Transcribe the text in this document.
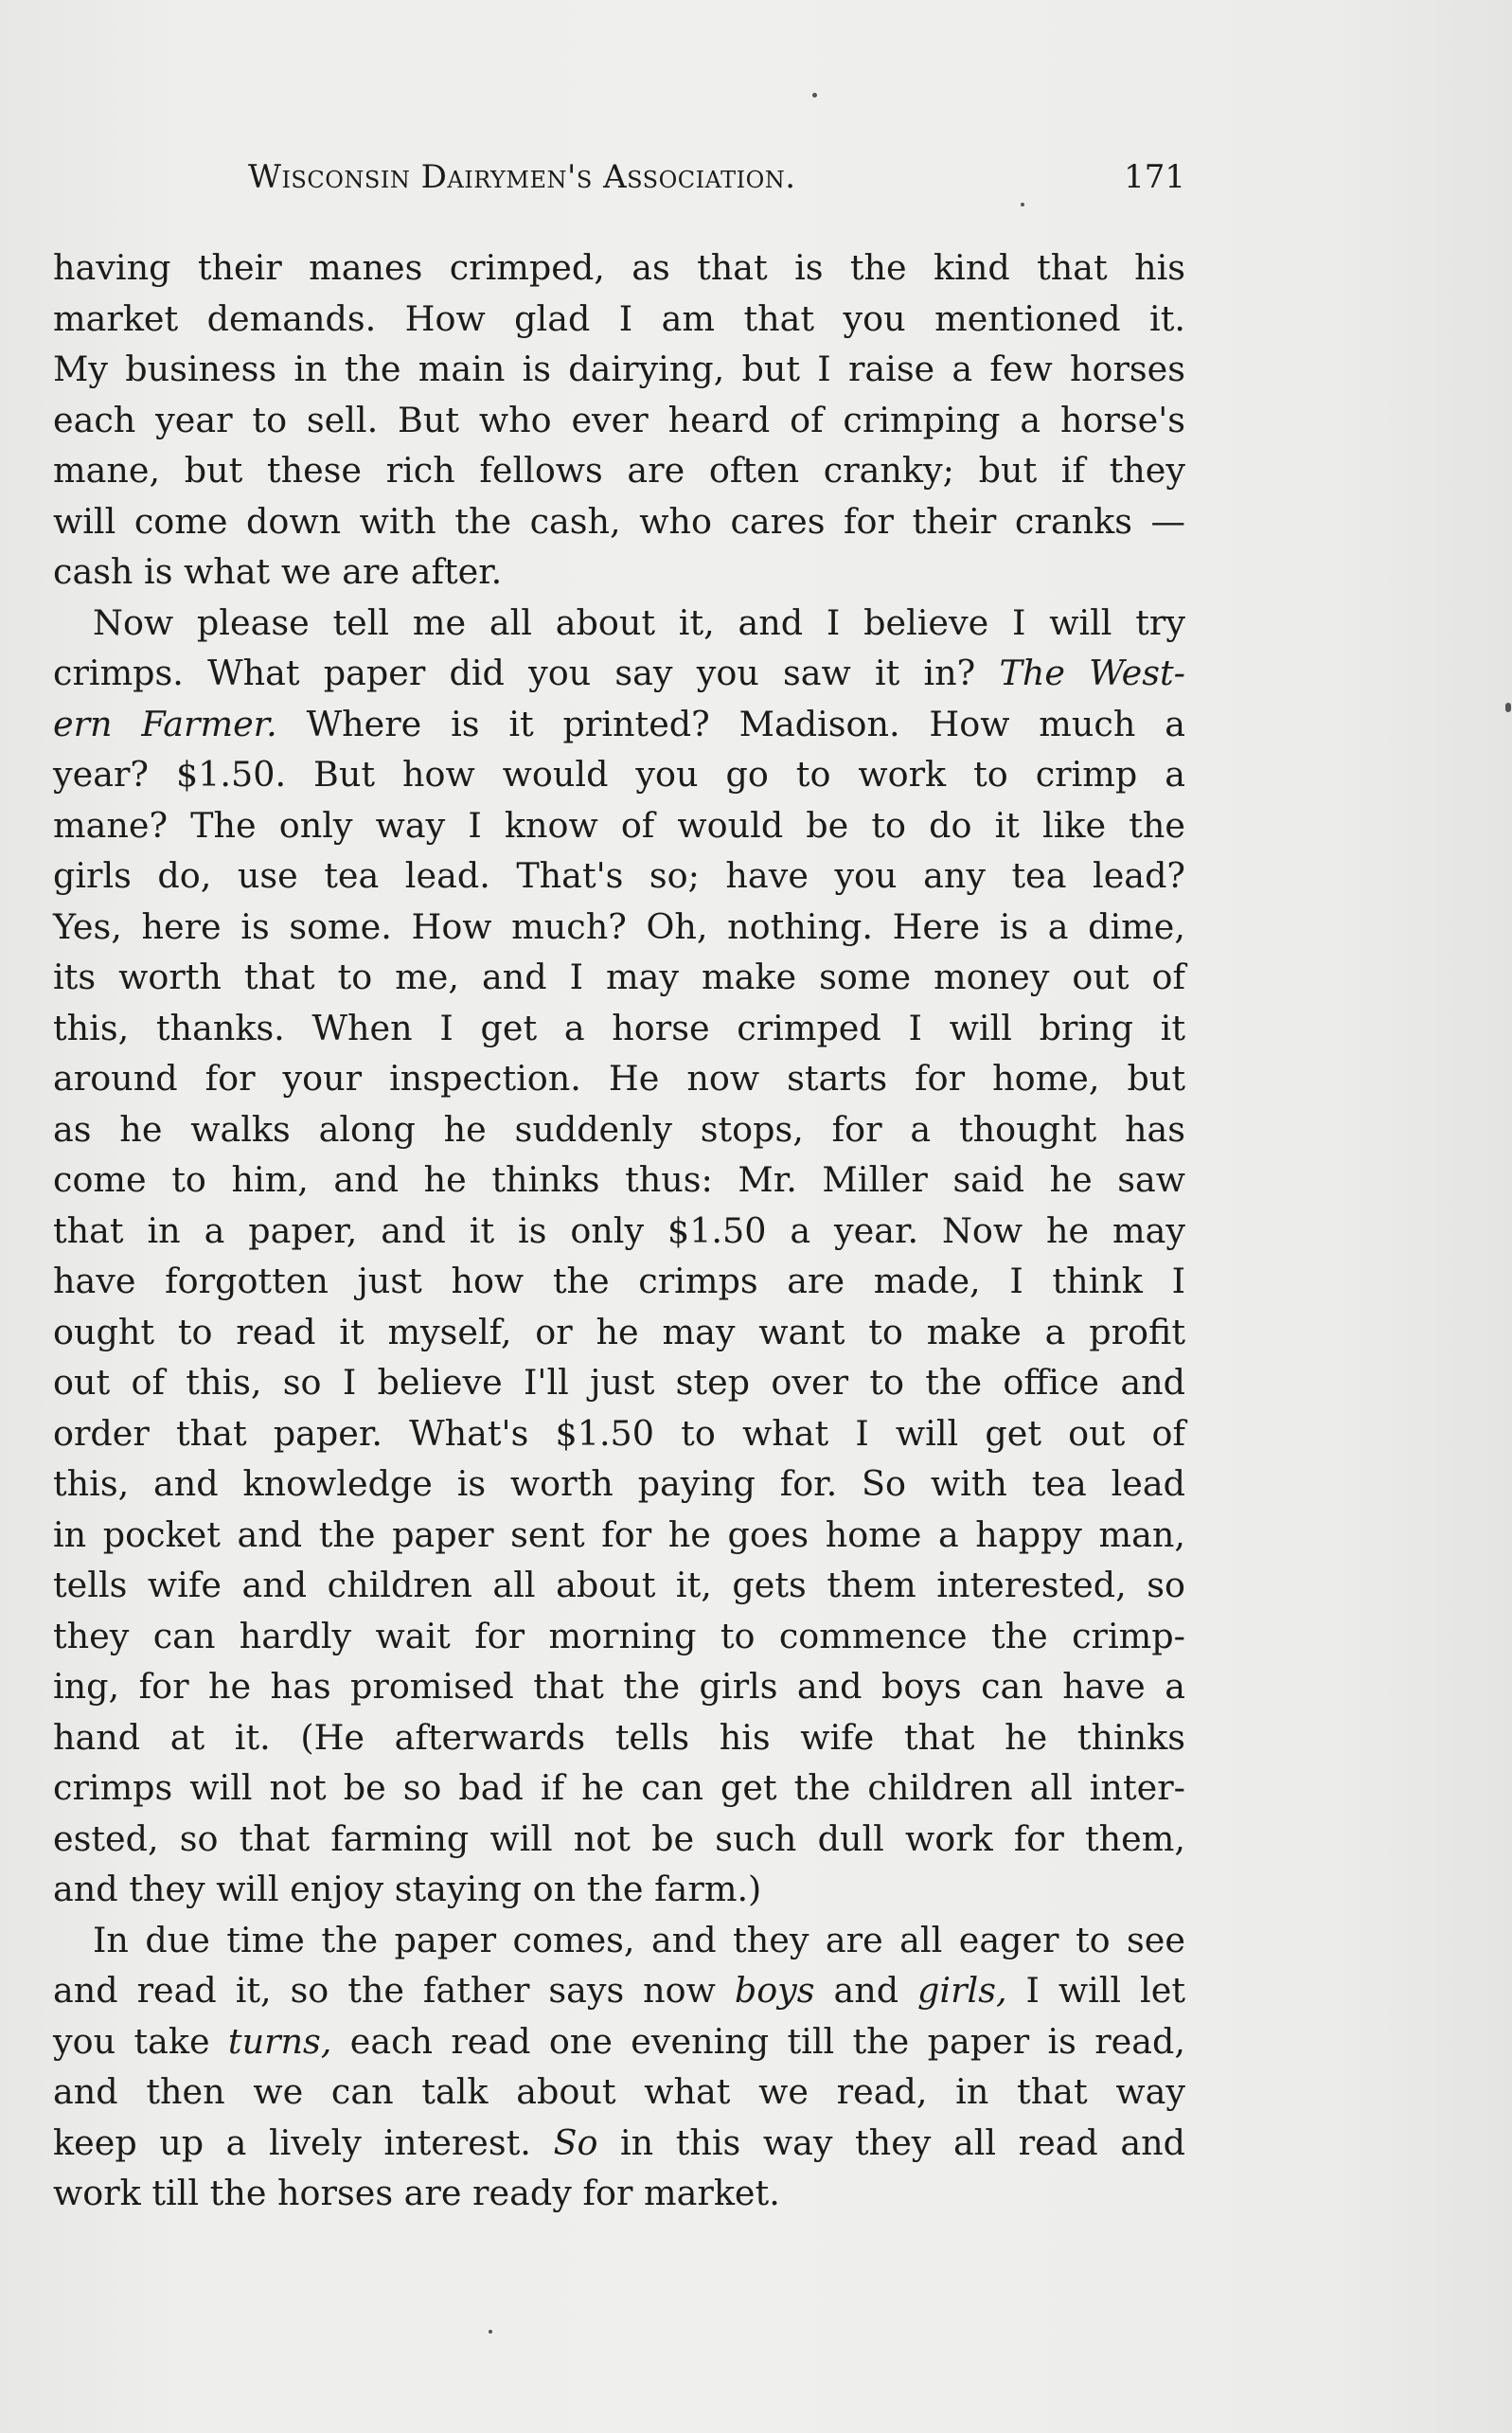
Wisconsin Dairymen's Association.	171
having their manes crimped, as that is the kind that his
market demands. How glad I am that you mentioned it.
My business in the main is dairying, but I raise a few horses
each year to sell. But who ever heard of crimping a horse's
mane, but these rich fellows are often cranky; but if they
will come down with the cash, who cares for their cranks —
cash is what we are after.
Now please tell me all about it, and I believe I will try
crimps. What paper did you say you saw it in? The West-
ern Farmer. Where is it printed? Madison. How much a
year? $1.50. But how would you go to work to crimp a
mane? The only way I know of would be to do it like the
girls do, use tea lead. That's so; have you any tea lead?
Yes, here is some. How much? Oh, nothing. Here is a dime,
its worth that to me, and I may make some money out of
this, thanks. When I get a horse crimped I will bring it
around for your inspection. He now starts for home, but
as he walks along he suddenly stops, for a thought has
come to him, and he thinks thus: Mr. Miller said he saw
that in a paper, and it is only $1.50 a year. Now he may
have forgotten just how the crimps are made, I think I
ought to read it myself, or he may want to make a profit
out of this, so I believe I'll just step over to the office and
order that paper. What's $1.50 to what I will get out of
this, and knowledge is worth paying for. So with tea lead
in pocket and the paper sent for he goes home a happy man,
tells wife and children all about it, gets them interested, so
they can hardly wait for morning to commence the crimp-
ing, for he has promised that the girls and boys can have a
hand at it. (He afterwards tells his wife that he thinks
crimps will not be so bad if he can get the children all inter-
ested, so that farming will not be such dull work for them,
and they will enjoy staying on the farm.)
In due time the paper comes, and they are all eager to see
and read it, so the father says now boys and girls, I will let
you take turns, each read one evening till the paper is read,
and then we can talk about what we read, in that way
keep up a lively interest. So in this way they all read and
work till the horses are ready for market.
